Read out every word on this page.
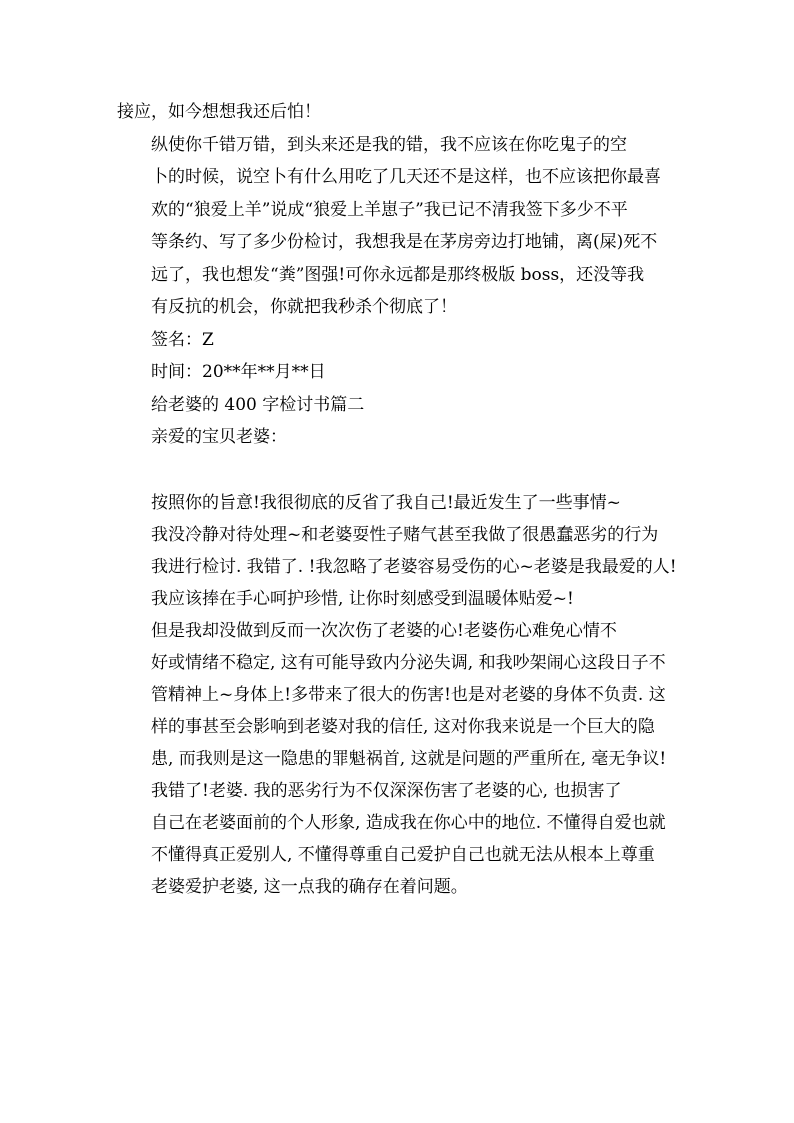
接应，如今想想我还后怕！

纵使你千错万错，到头来还是我的错，我不应该在你吃鬼子的空
卜的时候，说空卜有什么用吃了几天还不是这样，也不应该把你最喜
欢的“狼爱上羊”说成“狼爱上羊崽子”我已记不清我签下多少不平
等条约、写了多少份检讨，我想我是在茅房旁边打地铺，离(屎)死不
远了，我也想发“粪”图强!可你永远都是那终极版 boss，还没等我
有反抗的机会，你就把我秒杀个彻底了！

签名：Z

时间：20**年**月**日

给老婆的 400 字检讨书篇二

亲爱的宝贝老婆：

按照你的旨意!我很彻底的反省了我自己!最近发生了一些事情~
我没冷静对待处理~和老婆耍性子赌气甚至我做了很愚蠢恶劣的行为
我进行检讨. 我错了. !我忽略了老婆容易受伤的心~老婆是我最爱的人!
我应该捧在手心呵护珍惜, 让你时刻感受到温暖体贴爱~!

但是我却没做到反而一次次伤了老婆的心!老婆伤心难免心情不
好或情绪不稳定, 这有可能导致内分泌失调, 和我吵架闹心这段日子不
管精神上~身体上!多带来了很大的伤害!也是对老婆的身体不负责. 这
样的事甚至会影响到老婆对我的信任, 这对你我来说是一个巨大的隐
患, 而我则是这一隐患的罪魁祸首, 这就是问题的严重所在, 毫无争议!

我错了!老婆. 我的恶劣行为不仅深深伤害了老婆的心, 也损害了
自己在老婆面前的个人形象, 造成我在你心中的地位. 不懂得自爱也就
不懂得真正爱别人, 不懂得尊重自己爱护自己也就无法从根本上尊重
老婆爱护老婆, 这一点我的确存在着问题。
